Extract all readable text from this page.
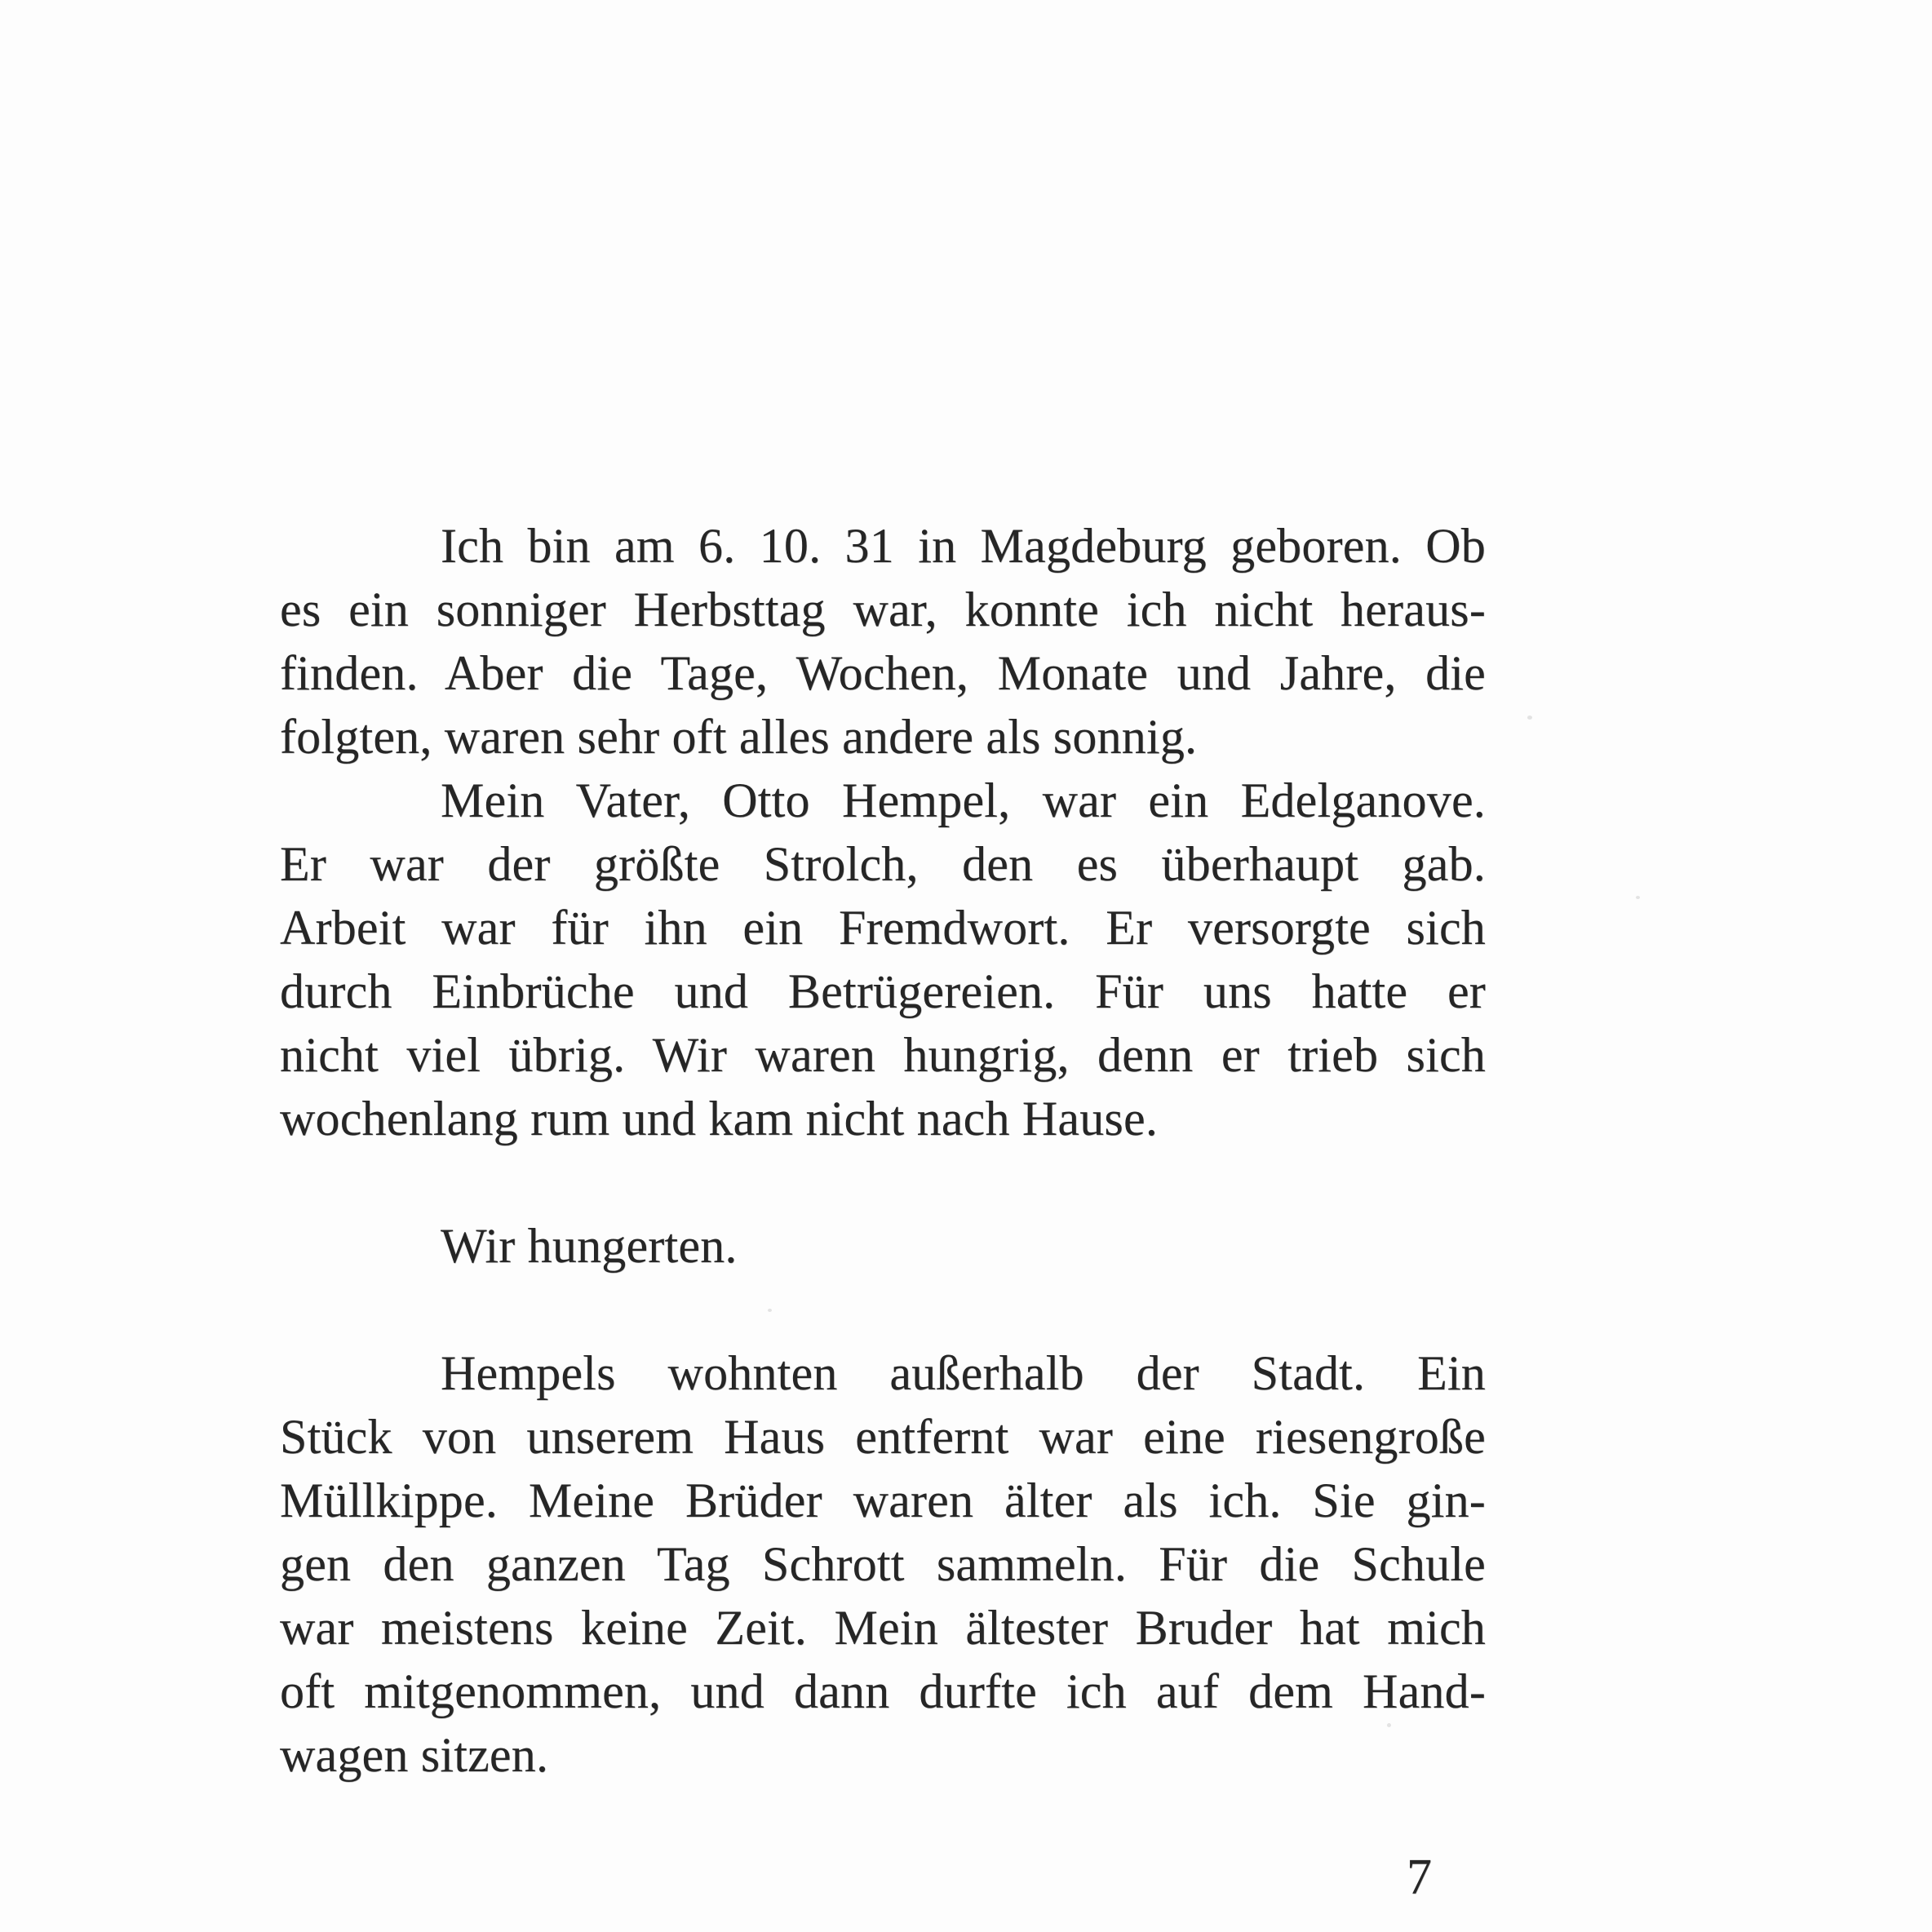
Ich bin am 6. 10. 31 in Magdeburg geboren. Ob
es ein sonniger Herbsttag war, konnte ich nicht heraus-
finden. Aber die Tage, Wochen, Monate und Jahre, die
folgten, waren sehr oft alles andere als sonnig.
Mein Vater, Otto Hempel, war ein Edelganove.
Er war der größte Strolch, den es überhaupt gab.
Arbeit war für ihn ein Fremdwort. Er versorgte sich
durch Einbrüche und Betrügereien. Für uns hatte er
nicht viel übrig. Wir waren hungrig, denn er trieb sich
wochenlang rum und kam nicht nach Hause.
Wir hungerten.
Hempels wohnten außerhalb der Stadt. Ein
Stück von unserem Haus entfernt war eine riesengroße
Müllkippe. Meine Brüder waren älter als ich. Sie gin-
gen den ganzen Tag Schrott sammeln. Für die Schule
war meistens keine Zeit. Mein ältester Bruder hat mich
oft mitgenommen, und dann durfte ich auf dem Hand-
wagen sitzen.
7
